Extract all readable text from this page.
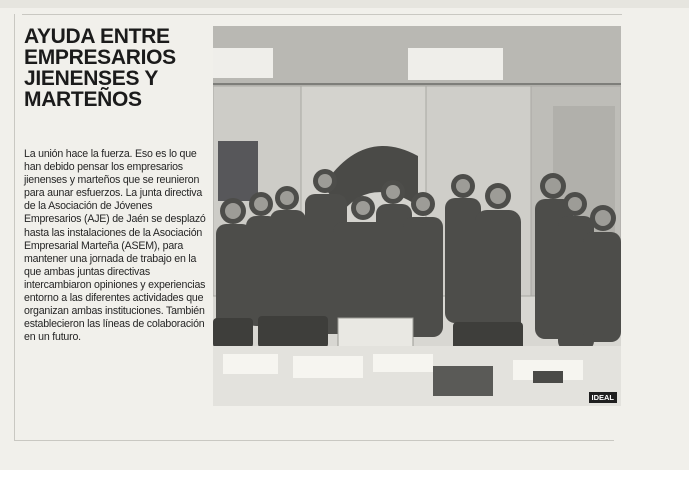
AYUDA ENTRE
EMPRESARIOS
JIENENSES Y
MARTEÑOS

La unión hace la fuerza. Eso es lo que han debido pensar los empresarios jienenses y marteños que se reunieron para aunar esfuerzos. La junta directiva de la Asociación de Jóvenes Empresarios (AJE) de Jaén se desplazó hasta las instalaciones de la Asociación Empresarial Marteña (ASEM), para mantener una jornada de trabajo en la que ambas juntas directivas intercambiaron opiniones y experiencias entorno a las diferentes actividades que organizan ambas instituciones. También establecieron las líneas de colaboración en un futuro.

IDEAL
